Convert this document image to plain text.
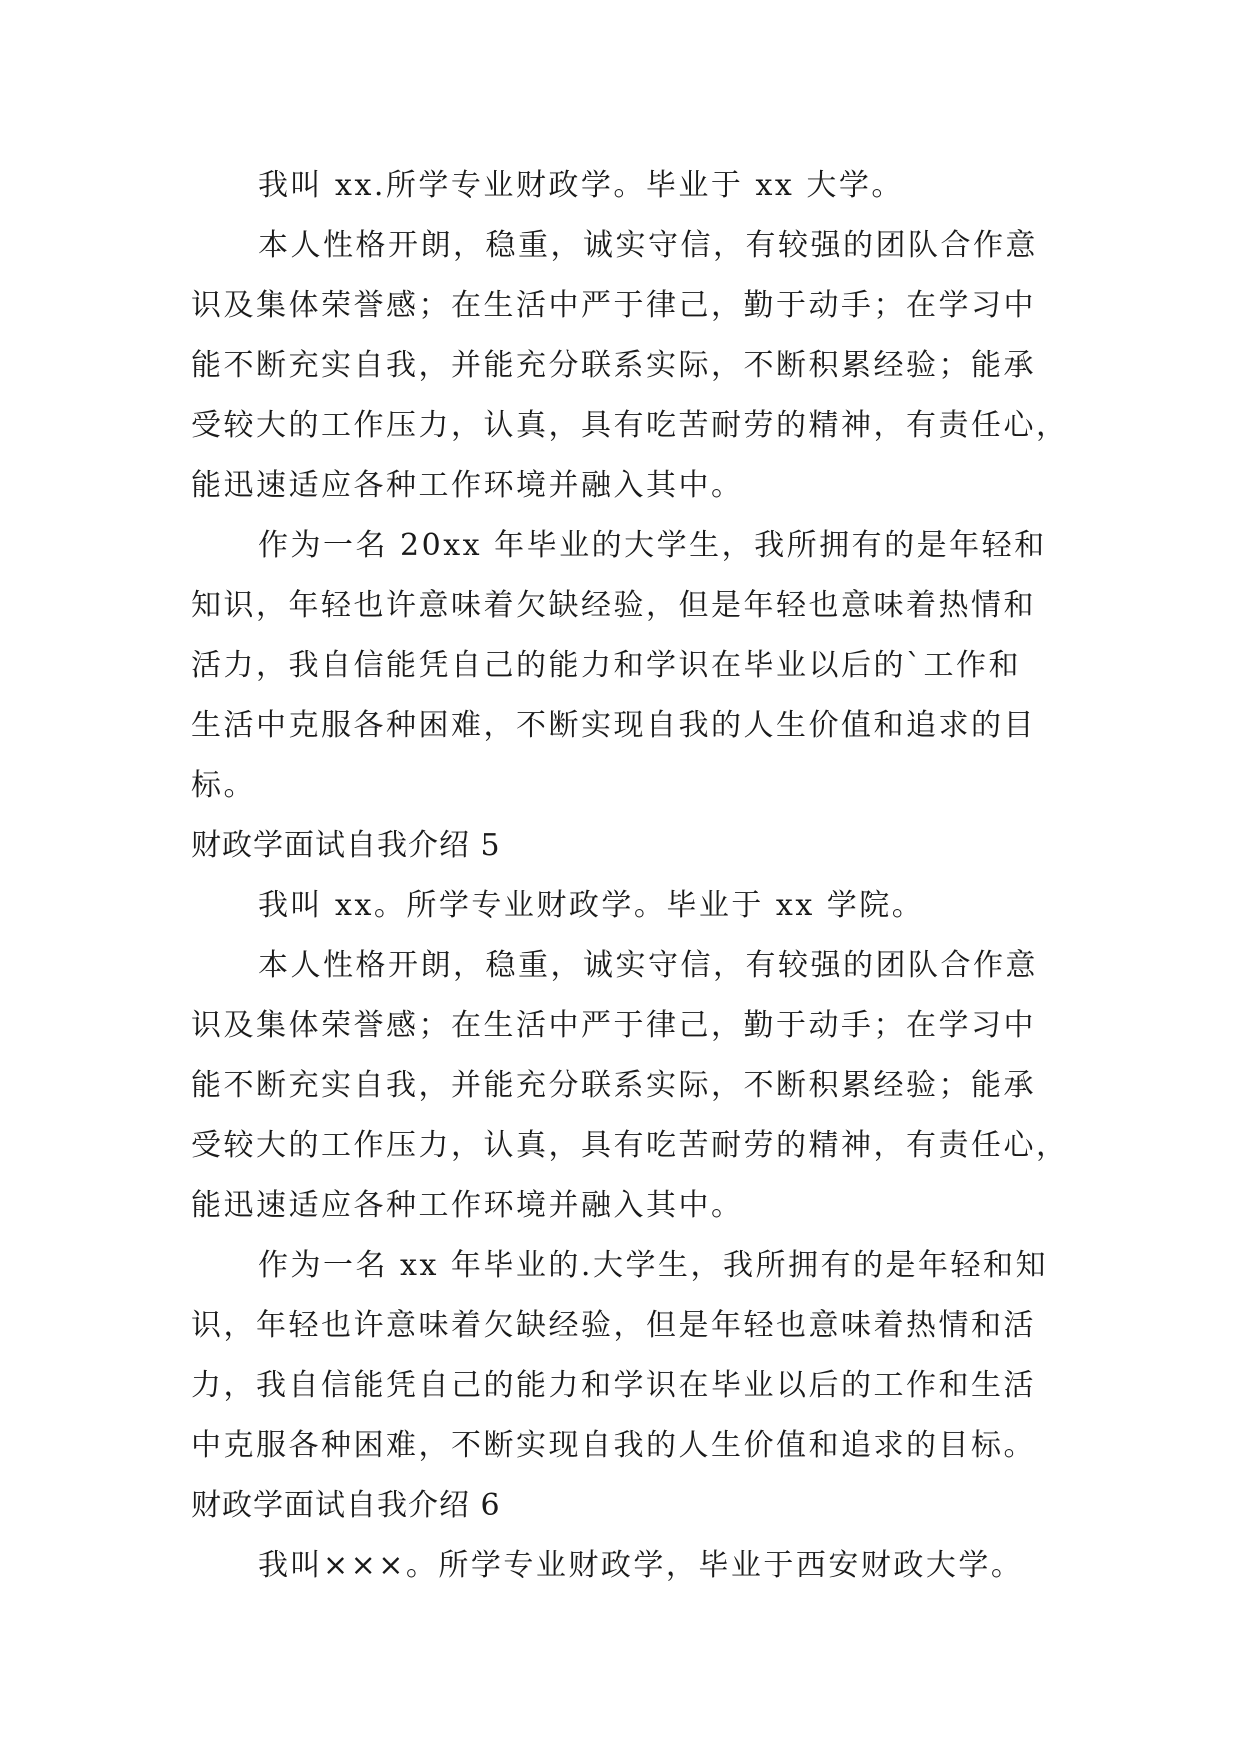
我叫 xx.所学专业财政学。毕业于 xx 大学。

本人性格开朗，稳重，诚实守信，有较强的团队合作意

识及集体荣誉感；在生活中严于律己，勤于动手；在学习中

能不断充实自我，并能充分联系实际，不断积累经验；能承

受较大的工作压力，认真，具有吃苦耐劳的精神，有责任心，

能迅速适应各种工作环境并融入其中。

作为一名 20xx 年毕业的大学生，我所拥有的是年轻和

知识，年轻也许意味着欠缺经验，但是年轻也意味着热情和

活力，我自信能凭自己的能力和学识在毕业以后的`工作和

生活中克服各种困难，不断实现自我的人生价值和追求的目

标。

财政学面试自我介绍 5

我叫 xx。所学专业财政学。毕业于 xx 学院。

本人性格开朗，稳重，诚实守信，有较强的团队合作意

识及集体荣誉感；在生活中严于律己，勤于动手；在学习中

能不断充实自我，并能充分联系实际，不断积累经验；能承

受较大的工作压力，认真，具有吃苦耐劳的精神，有责任心，

能迅速适应各种工作环境并融入其中。

作为一名 xx 年毕业的.大学生，我所拥有的是年轻和知

识，年轻也许意味着欠缺经验，但是年轻也意味着热情和活

力，我自信能凭自己的能力和学识在毕业以后的工作和生活

中克服各种困难，不断实现自我的人生价值和追求的目标。

财政学面试自我介绍 6

我叫×××。所学专业财政学，毕业于西安财政大学。
